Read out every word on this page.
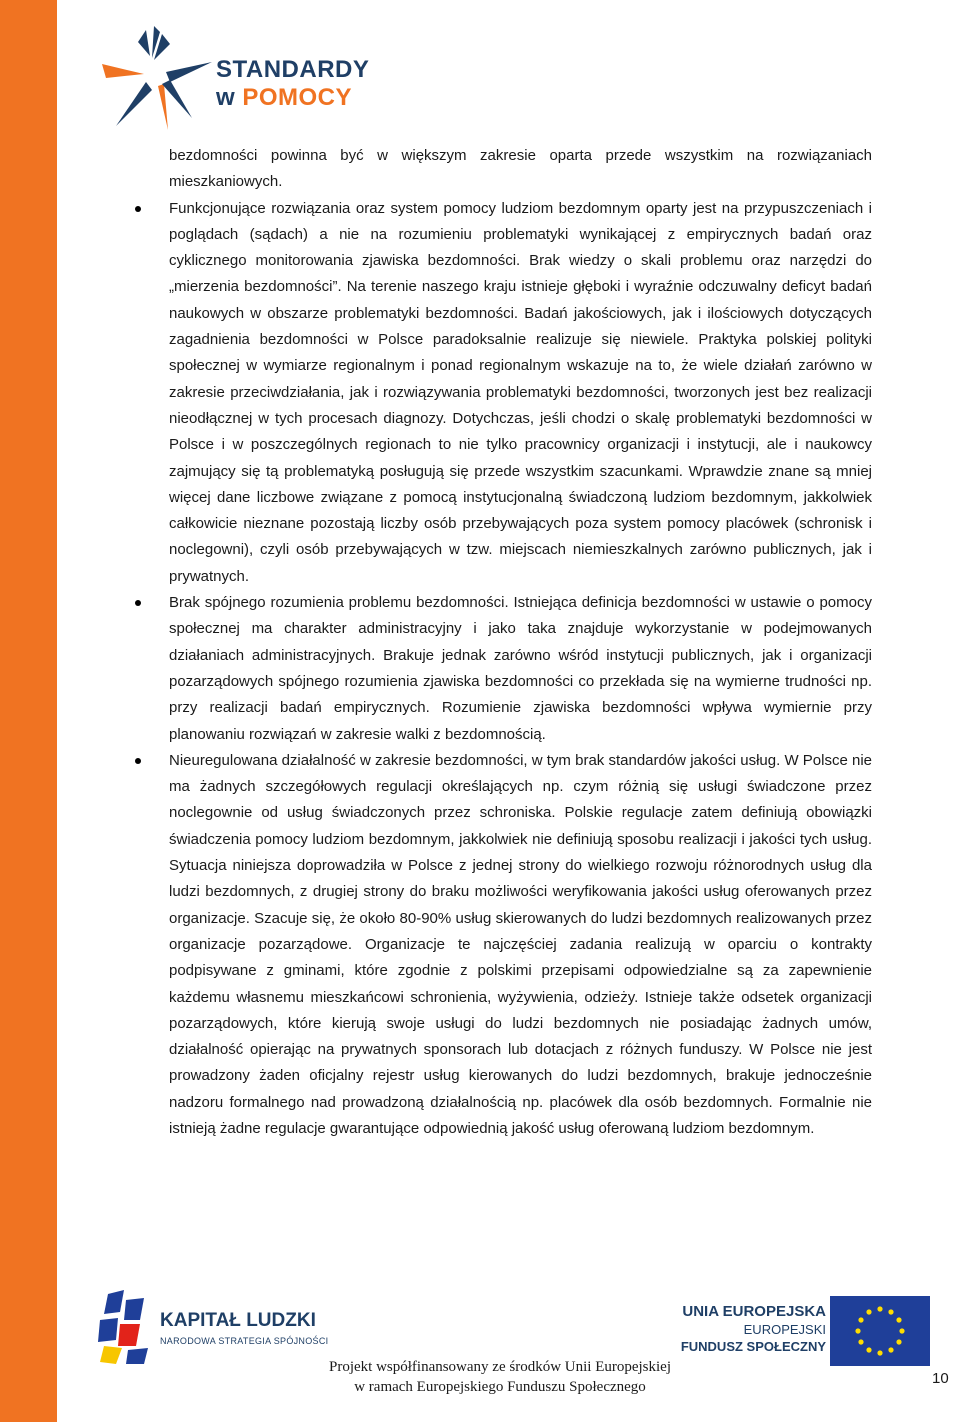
STANDARDY
w POMOCY

bezdomności powinna być w większym zakresie oparta przede wszystkim na rozwiązaniach mieszkaniowych.

Funkcjonujące rozwiązania oraz system pomocy ludziom bezdomnym oparty jest na przypuszczeniach i poglądach (sądach) a nie na rozumieniu problematyki wynikającej z empirycznych badań oraz cyklicznego monitorowania zjawiska bezdomności. Brak wiedzy o skali problemu oraz narzędzi do „mierzenia bezdomności”. Na terenie naszego kraju istnieje głęboki i wyraźnie odczuwalny deficyt badań naukowych w obszarze problematyki bezdomności. Badań jakościowych, jak i ilościowych dotyczących zagadnienia bezdomności w Polsce paradoksalnie realizuje się niewiele. Praktyka polskiej polityki społecznej w wymiarze regionalnym i ponad regionalnym wskazuje na to, że wiele działań zarówno w zakresie przeciwdziałania, jak i rozwiązywania problematyki bezdomności, tworzonych jest bez realizacji nieodłącznej w tych procesach diagnozy. Dotychczas, jeśli chodzi o skalę problematyki bezdomności w Polsce i w poszczególnych regionach to nie tylko pracownicy organizacji i instytucji, ale i naukowcy zajmujący się tą problematyką posługują się przede wszystkim szacunkami. Wprawdzie znane są mniej więcej dane liczbowe związane z pomocą instytucjonalną świadczoną ludziom bezdomnym, jakkolwiek całkowicie nieznane pozostają liczby osób przebywających poza system pomocy placówek (schronisk i noclegowni), czyli osób przebywających w tzw. miejscach niemieszkalnych zarówno publicznych, jak i prywatnych.
Brak spójnego rozumienia problemu bezdomności. Istniejąca definicja bezdomności w ustawie o pomocy społecznej ma charakter administracyjny i jako taka znajduje wykorzystanie w podejmowanych działaniach administracyjnych. Brakuje jednak zarówno wśród instytucji publicznych, jak i organizacji pozarządowych spójnego rozumienia zjawiska bezdomności co przekłada się na wymierne trudności np. przy realizacji badań empirycznych. Rozumienie zjawiska bezdomności wpływa wymiernie przy planowaniu rozwiązań w zakresie walki z bezdomnością.
Nieuregulowana działalność w zakresie bezdomności, w tym brak standardów jakości usług. W Polsce nie ma żadnych szczegółowych regulacji określających np. czym różnią się usługi świadczone przez noclegownie od usług świadczonych przez schroniska. Polskie regulacje zatem definiują obowiązki świadczenia pomocy ludziom bezdomnym, jakkolwiek nie definiują sposobu realizacji i jakości tych usług. Sytuacja niniejsza doprowadziła w Polsce z jednej strony do wielkiego rozwoju różnorodnych usług dla ludzi bezdomnych, z drugiej strony do braku możliwości weryfikowania jakości usług oferowanych przez organizacje. Szacuje się, że około 80-90% usług skierowanych do ludzi bezdomnych realizowanych przez organizacje pozarządowe. Organizacje te najczęściej zadania realizują w oparciu o kontrakty podpisywane z gminami, które zgodnie z polskimi przepisami odpowiedzialne są za zapewnienie każdemu własnemu mieszkańcowi schronienia, wyżywienia, odzieży. Istnieje także odsetek organizacji pozarządowych, które kierują swoje usługi do ludzi bezdomnych nie posiadając żadnych umów, działalność opierając na prywatnych sponsorach lub dotacjach z różnych funduszy. W Polsce nie jest prowadzony żaden oficjalny rejestr usług kierowanych do ludzi bezdomnych, brakuje jednocześnie nadzoru formalnego nad prowadzoną działalnością np. placówek dla osób bezdomnych. Formalnie nie istnieją żadne regulacje gwarantujące odpowiednią jakość usług oferowaną ludziom bezdomnym.
KAPITAŁ LUDZKI
NARODOWA STRATEGIA SPÓJNOŚCI
UNIA EUROPEJSKA
EUROPEJSKI
FUNDUSZ SPOŁECZNY
Projekt współfinansowany ze środków Unii Europejskiej
w ramach Europejskiego Funduszu Społecznego	10
